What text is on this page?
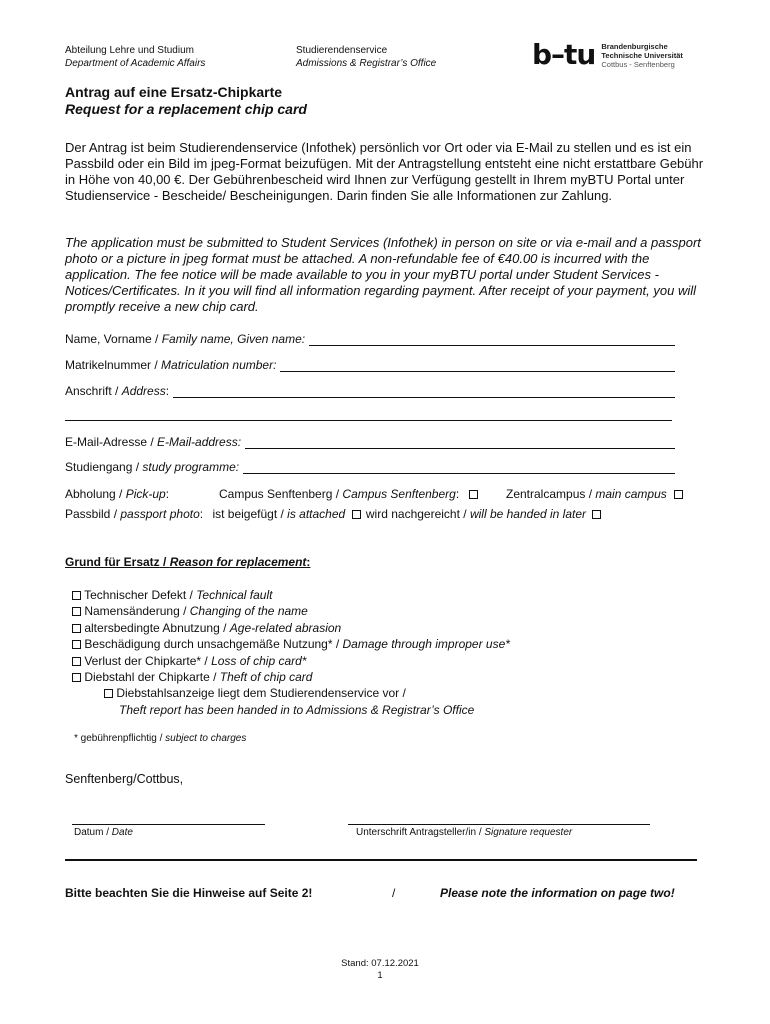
Abteilung Lehre und Studium
Department of Academic Affairs
Studierendenservice
Admissions & Registrar’s Office	b–tu Brandenburgische
Technische Universität
Cottbus - Senftenberg
Antrag auf eine Ersatz-Chipkarte
Request for a replacement chip card
Der Antrag ist beim Studierendenservice (Infothek) persönlich vor Ort oder via E-Mail zu stellen und es ist ein Passbild oder ein Bild im jpeg-Format beizufügen. Mit der Antragstellung entsteht eine nicht erstattbare Gebühr in Höhe von 40,00 €. Der Gebührenbescheid wird Ihnen zur Verfügung gestellt in Ihrem myBTU Portal unter Studienservice - Bescheide/ Bescheinigungen. Darin finden Sie alle Informationen zur Zahlung.
The application must be submitted to Student Services (Infothek) in person on site or via e-mail and a passport photo or a picture in jpeg format must be attached. A non-refundable fee of €40.00 is incurred with the application. The fee notice will be made available to you in your myBTU portal under Student Services - Notices/Certificates. In it you will find all information regarding payment. After receipt of your payment, you will promptly receive a new chip card.
Name, Vorname / Family name, Given name:
Matrikelnummer / Matriculation number:
Anschrift / Address:
E-Mail-Adresse / E-Mail-address:
Studiengang / study programme:
Abholung / Pick-up:	Campus Senftenberg / Campus Senftenberg:	Zentralcampus / main campus
Passbild / passport photo: ist beigefügt / is attached wird nachgereicht / will be handed in later
Grund für Ersatz / Reason for replacement:
Technischer Defekt / Technical fault
Namensänderung / Changing of the name
altersbedingte Abnutzung / Age-related abrasion
Beschädigung durch unsachgemäße Nutzung* / Damage through improper use*
Verlust der Chipkarte* / Loss of chip card*
Diebstahl der Chipkarte / Theft of chip card
Diebstahlsanzeige liegt dem Studierendenservice vor /
Theft report has been handed in to Admissions & Registrar’s Office
* gebührenpflichtig / subject to charges
Senftenberg/Cottbus,
Datum / Date	Unterschrift Antragsteller/in / Signature requester
Bitte beachten Sie die Hinweise auf Seite 2!	/	Please note the information on page two!
Stand: 07.12.2021
1
